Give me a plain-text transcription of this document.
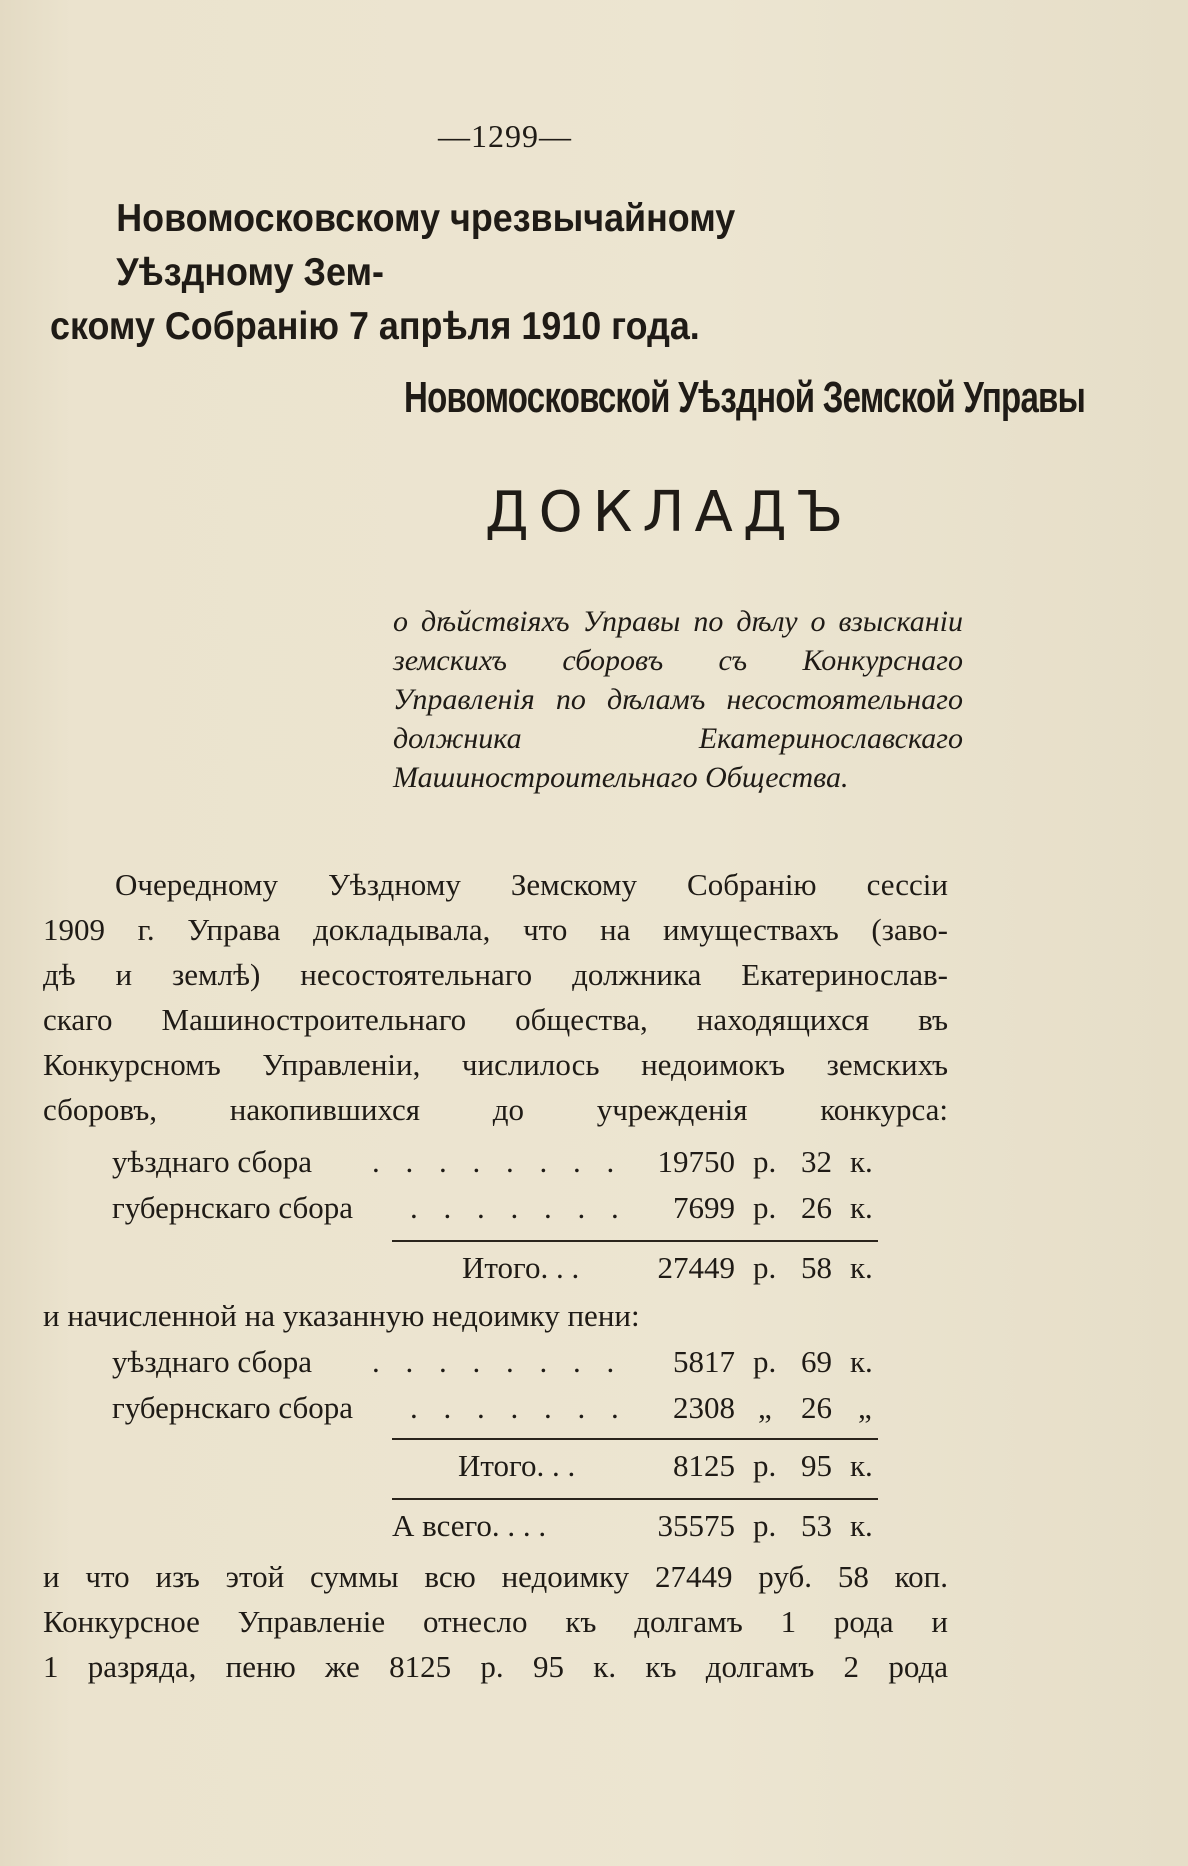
—1299—
Новомосковскому чрезвычайному Уѣздному Зем-
скому Собранію 7 апрѣля 1910 года.
Новомосковской Уѣздной Земской Управы
ДОКЛАДЪ
о дѣйствіяхъ Управы по дѣлу о взысканіи земскихъ сборовъ съ Конкурснаго Управленія по дѣламъ несостоятельнаго должника Екатеринославскаго Машиностроительнаго Общества.
Очередному Уѣздному Земскому Собранію сессіи
1909 г. Управа докладывала, что на имуществахъ (заво-
дѣ и землѣ) несостоятельнаго должника Екатеринослав-
скаго Машиностроительнаго общества, находящихся въ
Конкурсномъ Управленіи, числилось недоимокъ земскихъ
сборовъ, накопившихся до учрежденія конкурса:
уѣзднаго сбора . . . . . . . .	19750 р. 32 к.
губернскаго сбора . . . . . . .	7699 р. 26 к.
Итого. . .	27449 р. 58 к.
и начисленной на указанную недоимку пени:
уѣзднаго сбора . . . . . . . .	5817 р. 69 к.
губернскаго сбора . . . . . . .	2308 „ 26 „
Итого. . .	8125 р. 95 к.
А всего. . . .	35575 р. 53 к.
и что изъ этой суммы всю недоимку 27449 руб. 58 коп.
Конкурсное Управленіе отнесло къ долгамъ 1 рода и
1 разряда, пеню же 8125 р. 95 к. къ долгамъ 2 рода
